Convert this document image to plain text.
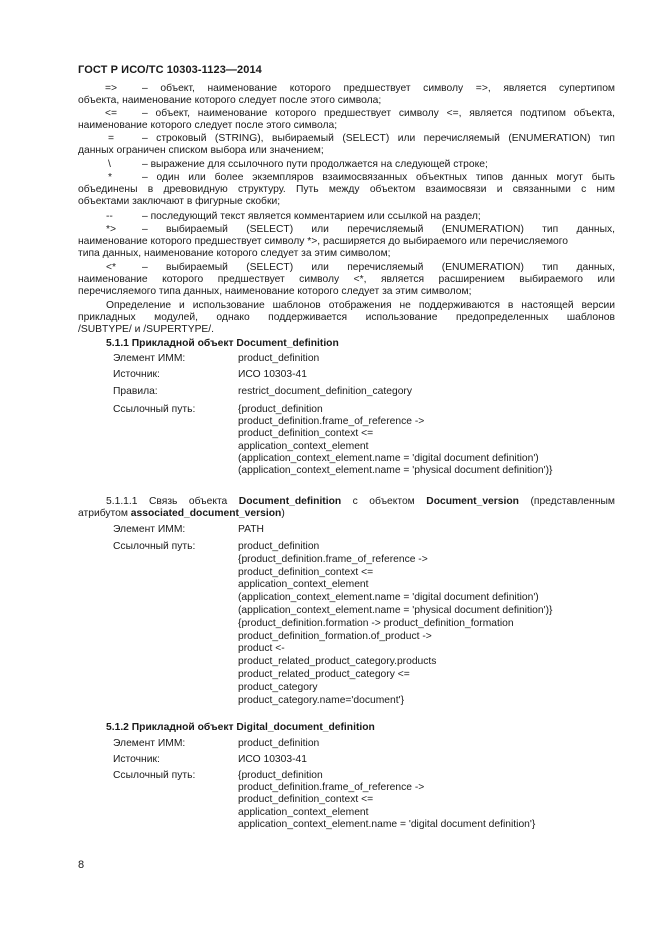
ГОСТ Р ИСО/ТС 10303-1123—2014
=> – объект, наименование которого предшествует символу =>, является супертипом
объекта, наименование которого следует после этого символа;
<= – объект, наименование которого предшествует символу <=, является подтипом объекта,
наименование которого следует после этого символа;
=	– строковый (STRING), выбираемый (SELECT) или перечисляемый (ENUMERATION) тип
данных ограничен списком выбора или значением;
\	– выражение для ссылочного пути продолжается на следующей строке;
*	– один или более экземпляров взаимосвязанных объектных типов данных могут быть
объединены в древовидную структуру. Путь между объектом взаимосвязи и связанными с ним
объектами заключают в фигурные скобки;
--	– последующий текст является комментарием или ссылкой на раздел;
*>	– выбираемый (SELECT) или перечисляемый (ENUMERATION) тип данных,
наименование которого предшествует символу *>, расширяется до выбираемого или перечисляемого
типа данных, наименование которого следует за этим символом;
<*	– выбираемый (SELECT) или перечисляемый (ENUMERATION) тип данных,
наименование которого предшествует символу <*, является расширением выбираемого или
перечисляемого типа данных, наименование которого следует за этим символом;
Определение и использование шаблонов отображения не поддерживаются в настоящей версии
прикладных модулей, однако поддерживается использование предопределенных шаблонов
/SUBTYPE/ и /SUPERTYPE/.
5.1.1 Прикладной объект Document_definition
Элемент ИММ:	product_definition
Источник:	ИСО 10303-41
Правила:	restrict_document_definition_category
Ссылочный путь:	{product_definition
product_definition.frame_of_reference ->
product_definition_context <=
application_context_element
(application_context_element.name = 'digital document definition')
(application_context_element.name = 'physical document definition')}
5.1.1.1 Связь объекта Document_definition с объектом Document_version (представленным
атрибутом associated_document_version)
Элемент ИММ:	PATH
Ссылочный путь:	product_definition
{product_definition.frame_of_reference ->
product_definition_context <=
application_context_element
(application_context_element.name = 'digital document definition')
(application_context_element.name = 'physical document definition')}
{product_definition.formation -> product_definition_formation
product_definition_formation.of_product ->
product <-
product_related_product_category.products
product_related_product_category <=
product_category
product_category.name='document'}
5.1.2 Прикладной объект Digital_document_definition
Элемент ИММ:	product_definition
Источник:	ИСО 10303-41
Ссылочный путь:	{product_definition
product_definition.frame_of_reference ->
product_definition_context <=
application_context_element
application_context_element.name = 'digital document definition'}
8
